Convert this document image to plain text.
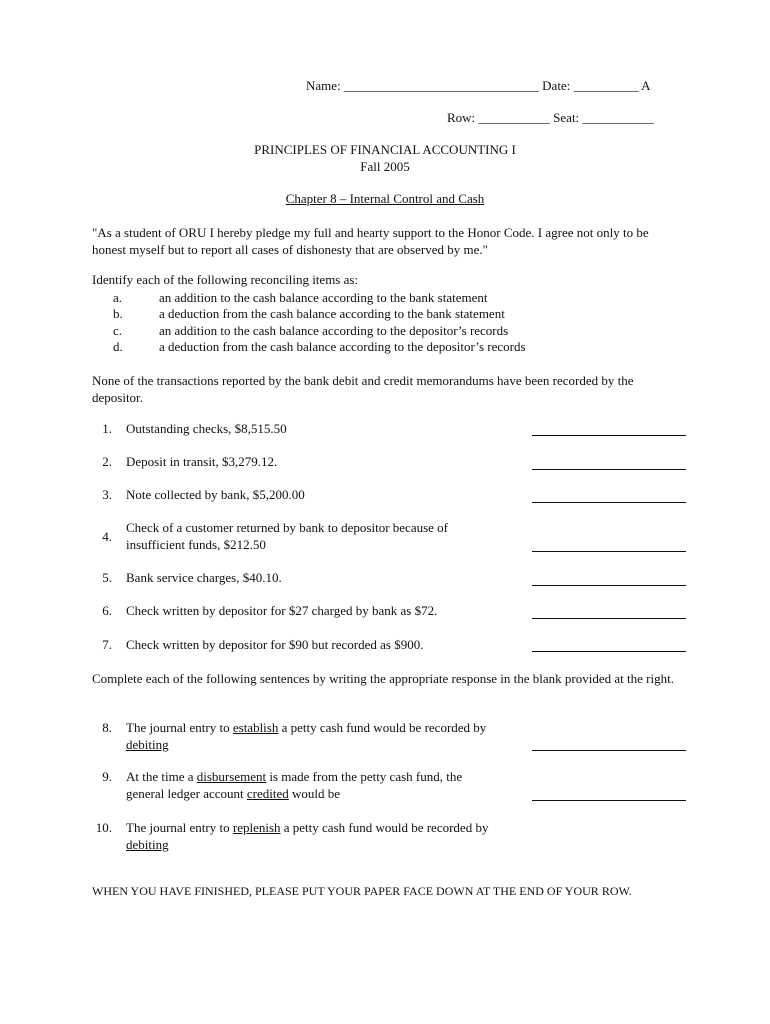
Name: ______________________________ Date: __________ A
Row: ___________ Seat: ___________
PRINCIPLES OF FINANCIAL ACCOUNTING I
Fall 2005
Chapter 8 – Internal Control and Cash
"As a student of ORU I hereby pledge my full and hearty support to the Honor Code. I agree not only to be honest myself but to report all cases of dishonesty that are observed by me."
Identify each of the following reconciling items as:
a.	an addition to the cash balance according to the bank statement
b.	a deduction from the cash balance according to the bank statement
c.	an addition to the cash balance according to the depositor’s records
d.	a deduction from the cash balance according to the depositor’s records
None of the transactions reported by the bank debit and credit memorandums have been recorded by the depositor.
1. Outstanding checks, $8,515.50
2. Deposit in transit, $3,279.12.
3. Note collected by bank, $5,200.00
4.
Check of a customer returned by bank to depositor because of
insufficient funds, $212.50
5. Bank service charges, $40.10.
6. Check written by depositor for $27 charged by bank as $72.
7. Check written by depositor for $90 but recorded as $900.
Complete each of the following sentences by writing the appropriate response in the blank provided at the right.
8. The journal entry to establish a petty cash fund would be recorded by
debiting
9. At the time a disbursement is made from the petty cash fund, the
general ledger account credited would be
10. The journal entry to replenish a petty cash fund would be recorded by
debiting
WHEN YOU HAVE FINISHED, PLEASE PUT YOUR PAPER FACE DOWN AT THE END OF YOUR ROW.
